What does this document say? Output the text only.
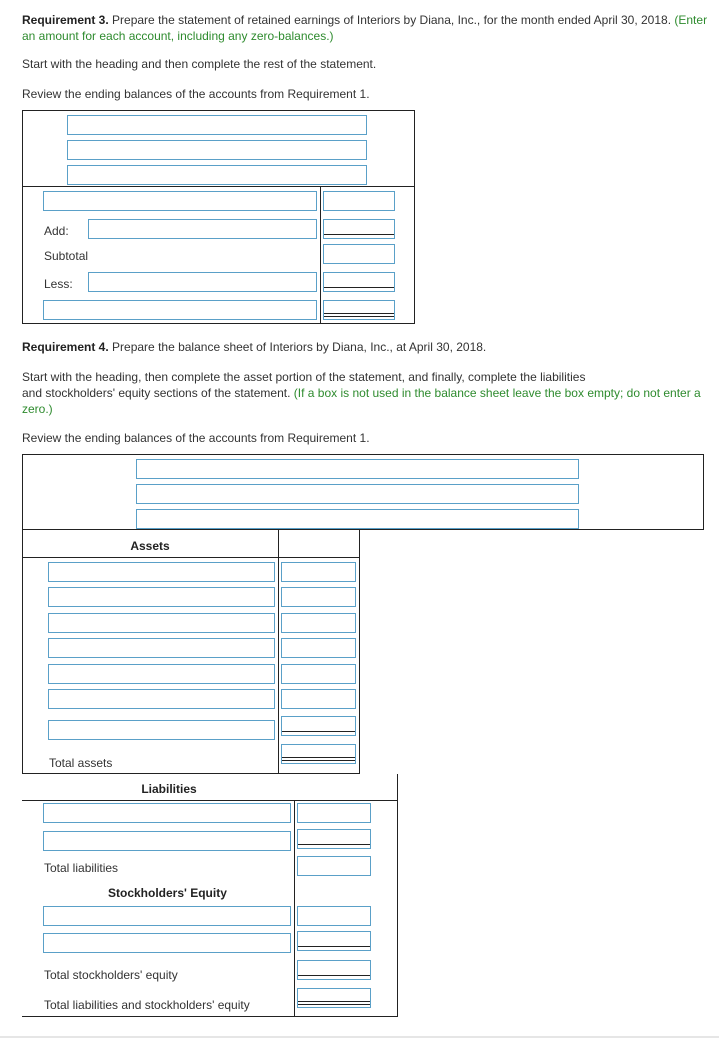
Requirement 3. Prepare the statement of retained earnings of Interiors by Diana, Inc., for the month ended April 30, 2018. (Enter an amount for each account, including any zero-balances.)
Start with the heading and then complete the rest of the statement.
Review the ending balances of the accounts from Requirement 1.
Add:
Subtotal
Less:
Requirement 4. Prepare the balance sheet of Interiors by Diana, Inc., at April 30, 2018.
Start with the heading, then complete the asset portion of the statement, and finally, complete the liabilities
and stockholders' equity sections of the statement. (If a box is not used in the balance sheet leave the box empty; do not enter a zero.)
Review the ending balances of the accounts from Requirement 1.
Assets
Total assets
Liabilities
Total liabilities
Stockholders' Equity
Total stockholders' equity
Total liabilities and stockholders' equity
